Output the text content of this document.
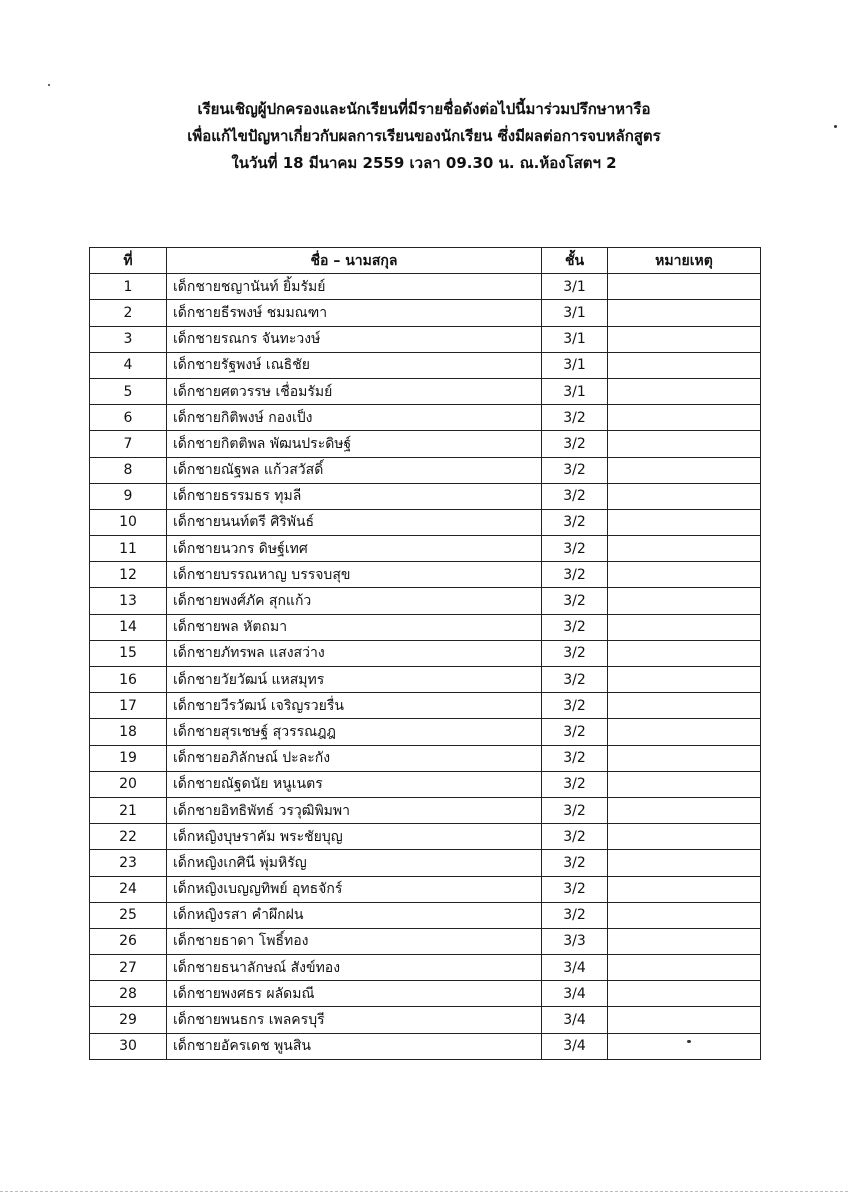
เรียนเชิญผู้ปกครองและนักเรียนที่มีรายชื่อดังต่อไปนี้มาร่วมปรึกษาหารือ
เพื่อแก้ไขปัญหาเกี่ยวกับผลการเรียนของนักเรียน ซึ่งมีผลต่อการจบหลักสูตร
ในวันที่ 18 มีนาคม 2559 เวลา 09.30 น. ณ.ห้องโสตฯ 2
ที่	ชื่อ – นามสกุล	ชั้น	หมายเหตุ
1	เด็กชายชญานันท์ ยิ้มรัมย์	3/1	
2	เด็กชายธีรพงษ์ ชมมณฑา	3/1	
3	เด็กชายรณกร จันทะวงษ์	3/1	
4	เด็กชายรัฐพงษ์ เณธิชัย	3/1	
5	เด็กชายศตวรรษ เชื่อมรัมย์	3/1	
6	เด็กชายกิติพงษ์ กองเป็ง	3/2	
7	เด็กชายกิตติพล พัฒนประดิษฐ์	3/2	
8	เด็กชายณัฐพล แก้วสวัสดิ์	3/2	
9	เด็กชายธรรมธร ทุมลี	3/2	
10	เด็กชายนนท์ตรี ศิริพันธ์	3/2	
11	เด็กชายนวกร ดิษฐ์เทศ	3/2	
12	เด็กชายบรรณหาญ บรรจบสุข	3/2	
13	เด็กชายพงศ์ภัค สุกแก้ว	3/2	
14	เด็กชายพล หัตถมา	3/2	
15	เด็กชายภัทรพล แสงสว่าง	3/2	
16	เด็กชายวัยวัฒน์ แหสมุทร	3/2	
17	เด็กชายวีรวัฒน์ เจริญรวยรื่น	3/2	
18	เด็กชายสุรเชษฐ์ สุวรรณฎฎ	3/2	
19	เด็กชายอภิลักษณ์ ปะละกัง	3/2	
20	เด็กชายณัฐดนัย หนูเนตร	3/2	
21	เด็กชายอิทธิพัทธ์ วรวุฒิพิมพา	3/2	
22	เด็กหญิงบุษราคัม พระชัยบุญ	3/2	
23	เด็กหญิงเกศินี พุ่มหิรัญ	3/2	
24	เด็กหญิงเบญญทิพย์ อุทธจักร์	3/2	
25	เด็กหญิงรสา คำผึกฝน	3/2	
26	เด็กชายธาดา โพธิ์ทอง	3/3	
27	เด็กชายธนาลักษณ์ สังข์ทอง	3/4	
28	เด็กชายพงศธร ผลัดมณี	3/4	
29	เด็กชายพนธกร เพลครบุรี	3/4	
30	เด็กชายอัครเดช พูนสิน	3/4	
